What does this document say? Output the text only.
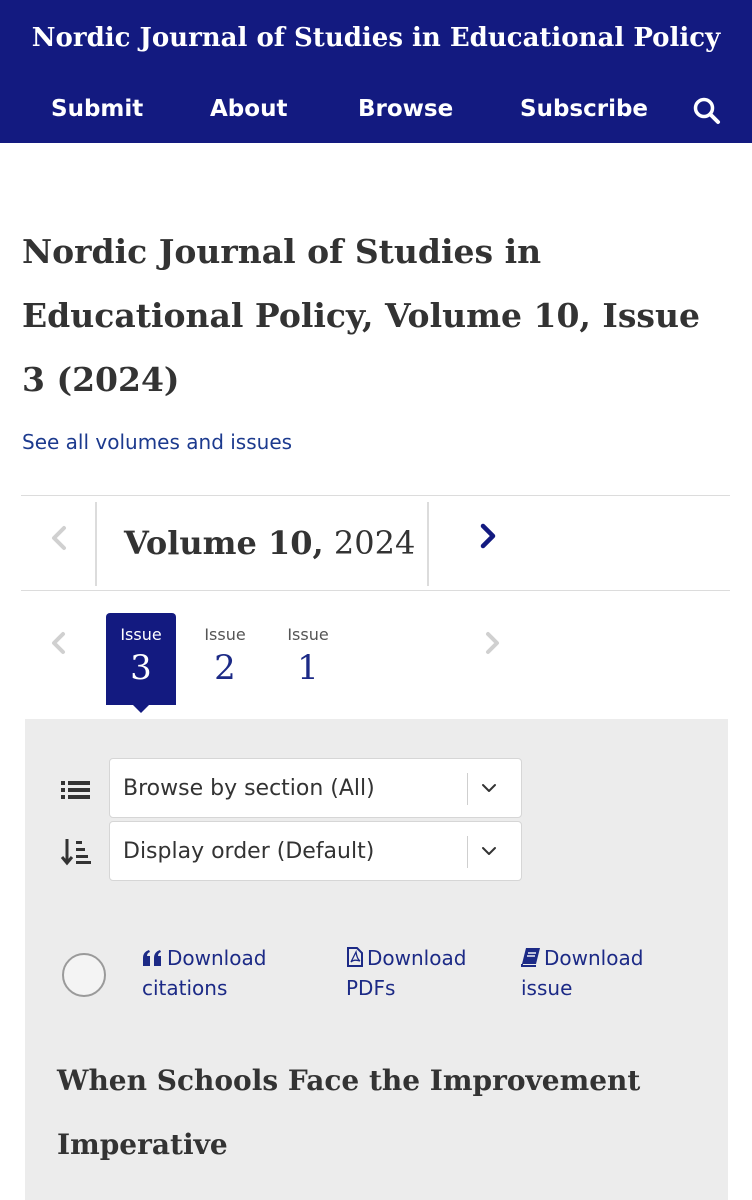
Nordic Journal of Studies in Educational Policy
Submit	About	Browse	Subscribe
Nordic Journal of Studies in Educational Policy, Volume 10, Issue 3 (2024)
See all volumes and issues
Volume 10, 2024
Issue
3
Issue
2
Issue
1
Browse by section (All)
Display order (Default)
Download citations
Download PDFs
Download issue
When Schools Face the Improvement Imperative
